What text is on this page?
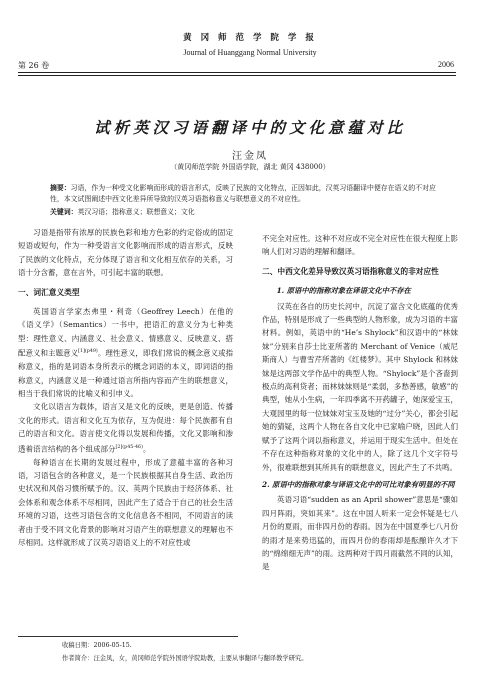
黄 冈 师 范 学 院 学 报
Journal of Huanggang Normal University
第 26 卷	2006
试析英汉习语翻译中的文化意蕴对比
汪金凤
（黄冈师范学院 外国语学院，湖北 黄冈 438000）
摘要：习语，作为一种受文化影响而形成的语言形式，反映了民族的文化特点，正因如此，汉英习语翻译中便存在语义的不对应性，本文试图阐述中西文化差异所导致的汉英习语指称意义与联想意义的不对应性。
关键词：英汉习语；指称意义；联想意义；文化

习语是指带有浓厚的民族色彩和地方色彩的约定俗成的固定短语或短句，作为一种受语言文化影响而形成的语言形式，反映了民族的文化特点，充分体现了语言和文化相互依存的关系，习语十分含蓄，意在言外，可引起丰富的联想。

一、词汇意义类型

英国语言学家杰弗里・利奇（Geoffrey Leech）在他的《语义学》（Semantics）一书中，把语汇的意义分为七种类型：理性意义、内涵意义、社会意义、情感意义、反映意义、搭配意义和主题意义$^{[1](p49)}$。理性意义，即我们常说的概念意义或指称意义，指的是词语本身所表示的概念词语的本义，即词语的指称意义，内涵意义是一种通过语言所指内容而产生的联想意义，相当于我们常说的比喻义和引申义。

文化以语言为载体，语言又是文化的反映，更是创造、传播文化的形式。语言和文化互为依存，互为促进：每个民族都有自己的语言和文化。语言使文化得以发展和传播，文化又影响和渗透着语言结构的各个组成部分$^{[2](p45-46)}$。

每种语言在长期的发展过程中，形成了意蕴丰富的各种习语，习语包含的各种意义，是一个民族根据其自身生活、政治历史状况和风俗习惯所赋予的。汉、英两个民族由于经济体系、社会体系和观念体系不尽相同，因此产生了适合于自己的社会生活环境的习语，这些习语包含的文化信息各不相同，不同语言的读者由于受不同文化背景的影响对习语产生的联想意义的理解也不尽相同。这样就形成了汉英习语语义上的不对应性或

不完全对应性。这种不对应或不完全对应性在很大程度上影响人们对习语的理解和翻译。

二、中西文化差异导致汉英习语指称意义的非对应性
1. 原语中的指称对象在译语文化中不存在

汉英在各自的历史长河中，沉淀了富含文化底蕴的优秀作品，特别是形成了一些典型的人物形象，成为习语的丰富材料。例如，英语中的“He’s Shylock”和汉语中的“林妹妹”分别来自莎士比亚所著的 Merchant of Venice（威尼斯商人）与曹雪芹所著的《红楼梦》。其中 Shylock 和林妹妹是这两部文学作品中的典型人物。“Shylock”是个吝啬到极点的高利贷者；而林妹妹则是“柔弱，多愁善感，敏感”的典型，她从小生病，一年四季离不开药罐子，她深爱宝玉，大观园里的每一位妹妹对宝玉及她的“过分”关心，都会引起她的猜疑，这两个人物在各自文化中已家喻户晓，因此人们赋予了这两个词以指称意义，并运用于现实生活中。但处在不存在这种指称对象的文化中的人，除了这几个文字符号外，很难联想到其所具有的联想意义，因此产生了不共鸣。

2. 原语中的指称对象与译语文化中的可比对象有明显的不同

英语习语“sudden as an April shower”意思是“骤如四月阵雨，突如其来”。这在中国人听来一定会怀疑是七八月份的夏雨，而非四月份的春雨。因为在中国夏季七八月份的雨才是来势迅猛的，而四月份的春雨却是酝酿许久才下的“绵绵细无声”的雨。这两种对于四月雨截然不同的认知，是

收稿日期：2006-05-15.
作者简介：汪金凤，女，黄冈师范学院外国语学院助教，主要从事翻译与翻译教学研究。
